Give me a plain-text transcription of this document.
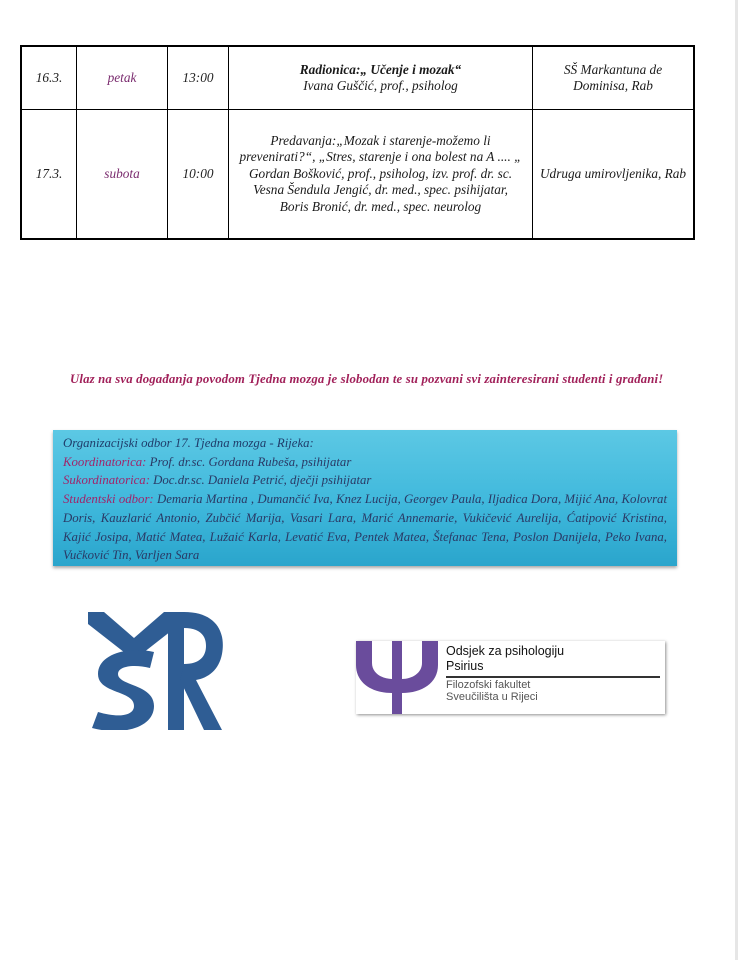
16.3.	petak	13:00	Radionica:„ Učenje i mozak“
Ivana Guščić, prof., psiholog	SŠ Markantuna de Dominisa, Rab
17.3.	subota	10:00	Predavanja:„Mozak i starenje-možemo li prevenirati?“, „Stres, starenje i ona bolest na A .... „
Gordan Bošković, prof., psiholog, izv. prof. dr. sc.
Vesna Šendula Jengić, dr. med., spec. psihijatar,
Boris Bronić, dr. med., spec. neurolog	Udruga umirovljenika, Rab
Ulaz na sva događanja povodom Tjedna mozga je slobodan te su pozvani svi zainteresirani studenti i građani!
Organizacijski odbor 17. Tjedna mozga - Rijeka:
Koordinatorica: Prof. dr.sc. Gordana Rubeša, psihijatar
Sukordinatorica: Doc.dr.sc. Daniela Petrić, dječji psihijatar
Studentski odbor: Demaria Martina , Dumančić Iva, Knez Lucija, Georgev Paula, Iljadica Dora, Mijić Ana, Kolovrat Doris, Kauzlarić Antonio, Zubčić Marija, Vasari Lara, Marić Annemarie, Vukičević Aurelija, Ćatipović Kristina, Kajić Josipa, Matić Matea, Lužaić Karla, Levatić Eva, Pentek Matea, Štefanac Tena, Poslon Danijela, Peko Ivana, Vučković Tin, Varljen Sara
Odsjek za psihologiju
Psirius
Filozofski fakultet
Sveučilišta u Rijeci
